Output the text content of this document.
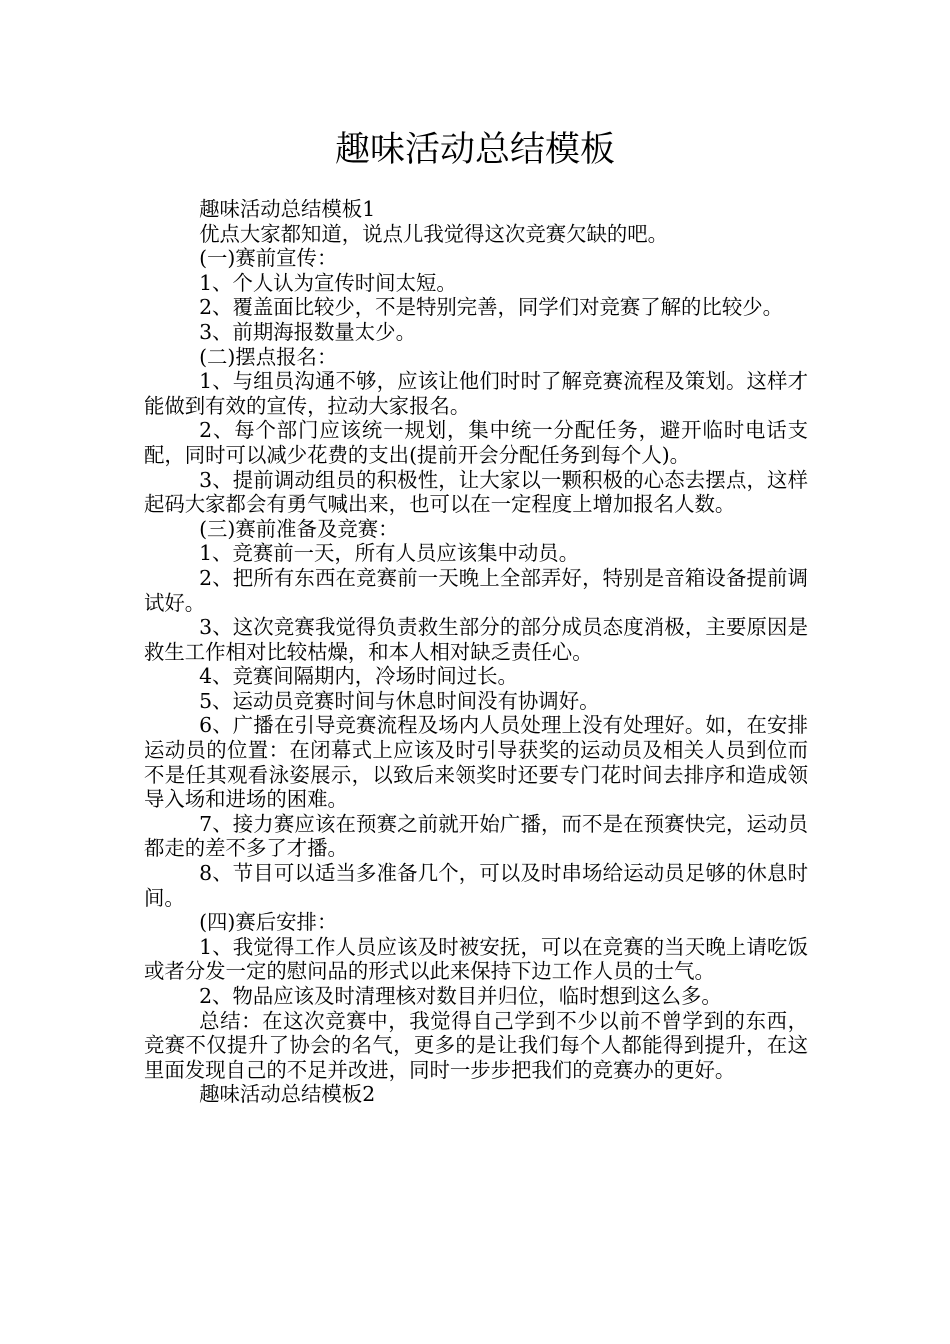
趣味活动总结模板

趣味活动总结模板1

优点大家都知道，说点儿我觉得这次竞赛欠缺的吧。

(一)赛前宣传：

1、个人认为宣传时间太短。

2、覆盖面比较少，不是特别完善，同学们对竞赛了解的比较少。

3、前期海报数量太少。

(二)摆点报名：

1、与组员沟通不够，应该让他们时时了解竞赛流程及策划。这样才能做到有效的宣传，拉动大家报名。

2、每个部门应该统一规划，集中统一分配任务，避开临时电话支配，同时可以减少花费的支出(提前开会分配任务到每个人)。

3、提前调动组员的积极性，让大家以一颗积极的心态去摆点，这样起码大家都会有勇气喊出来，也可以在一定程度上增加报名人数。

(三)赛前准备及竞赛：

1、竞赛前一天，所有人员应该集中动员。

2、把所有东西在竞赛前一天晚上全部弄好，特别是音箱设备提前调试好。

3、这次竞赛我觉得负责救生部分的部分成员态度消极，主要原因是救生工作相对比较枯燥，和本人相对缺乏责任心。

4、竞赛间隔期内，冷场时间过长。

5、运动员竞赛时间与休息时间没有协调好。

6、广播在引导竞赛流程及场内人员处理上没有处理好。如，在安排运动员的位置：在闭幕式上应该及时引导获奖的运动员及相关人员到位而不是任其观看泳姿展示，以致后来领奖时还要专门花时间去排序和造成领导入场和进场的困难。

7、接力赛应该在预赛之前就开始广播，而不是在预赛快完，运动员都走的差不多了才播。

8、节目可以适当多准备几个，可以及时串场给运动员足够的休息时间。

(四)赛后安排：

1、我觉得工作人员应该及时被安抚，可以在竞赛的当天晚上请吃饭或者分发一定的慰问品的形式以此来保持下边工作人员的士气。

2、物品应该及时清理核对数目并归位，临时想到这么多。

总结：在这次竞赛中，我觉得自己学到不少以前不曾学到的东西，竞赛不仅提升了协会的名气，更多的是让我们每个人都能得到提升，在这里面发现自己的不足并改进，同时一步步把我们的竞赛办的更好。

趣味活动总结模板2
